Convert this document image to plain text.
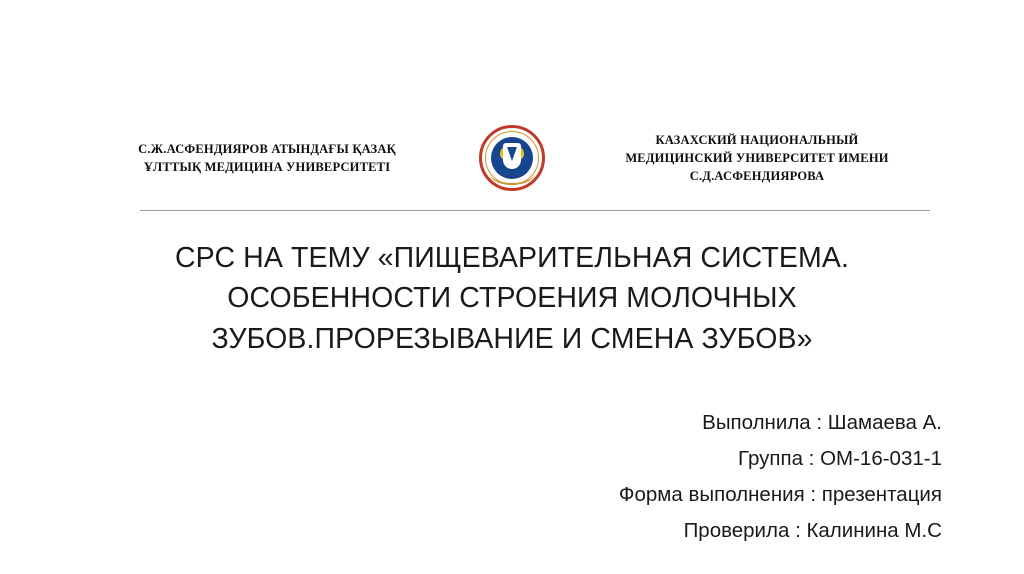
С.Ж.АСФЕНДИЯРОВ АТЫНДАҒЫ ҚАЗАҚ ҰЛТТЫҚ МЕДИЦИНА УНИВЕРСИТЕТІ
КАЗАХСКИЙ НАЦИОНАЛЬНЫЙ МЕДИЦИНСКИЙ УНИВЕРСИТЕТ ИМЕНИ С.Д.АСФЕНДИЯРОВА
СРС НА ТЕМУ «ПИЩЕВАРИТЕЛЬНАЯ СИСТЕМА.
ОСОБЕННОСТИ СТРОЕНИЯ МОЛОЧНЫХ
ЗУБОВ.ПРОРЕЗЫВАНИЕ И СМЕНА ЗУБОВ»
Выполнила : Шамаева А.
Группа : ОМ-16-031-1
Форма выполнения : презентация
Проверила : Калинина М.С
